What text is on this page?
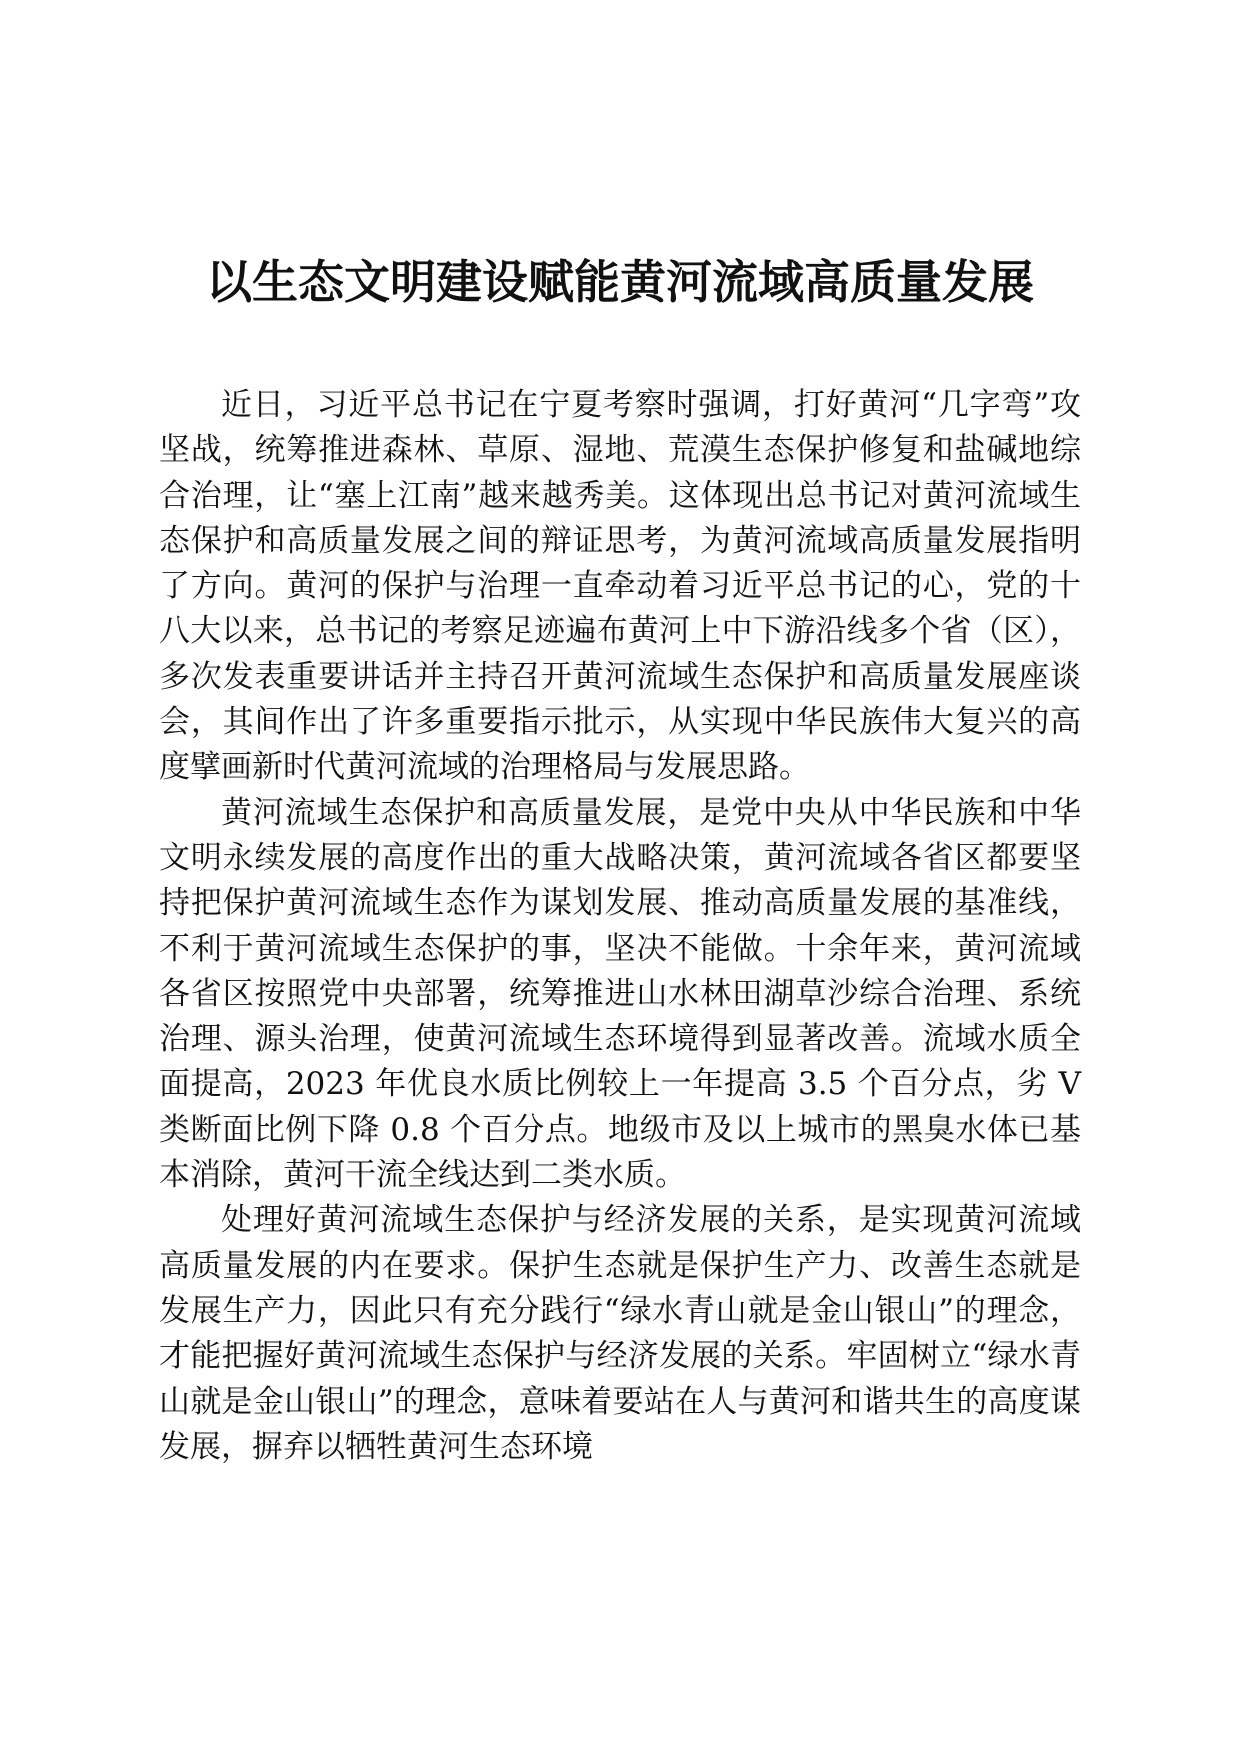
以生态文明建设赋能黄河流域高质量发展

近日，习近平总书记在宁夏考察时强调，打好黄河“几字弯”攻坚战，统筹推进森林、草原、湿地、荒漠生态保护修复和盐碱地综合治理，让“塞上江南”越来越秀美。这体现出总书记对黄河流域生态保护和高质量发展之间的辩证思考，为黄河流域高质量发展指明了方向。黄河的保护与治理一直牵动着习近平总书记的心，党的十八大以来，总书记的考察足迹遍布黄河上中下游沿线多个省（区），多次发表重要讲话并主持召开黄河流域生态保护和高质量发展座谈会，其间作出了许多重要指示批示，从实现中华民族伟大复兴的高度擘画新时代黄河流域的治理格局与发展思路。

黄河流域生态保护和高质量发展，是党中央从中华民族和中华文明永续发展的高度作出的重大战略决策，黄河流域各省区都要坚持把保护黄河流域生态作为谋划发展、推动高质量发展的基准线，不利于黄河流域生态保护的事，坚决不能做。十余年来，黄河流域各省区按照党中央部署，统筹推进山水林田湖草沙综合治理、系统治理、源头治理，使黄河流域生态环境得到显著改善。流域水质全面提高，2023 年优良水质比例较上一年提高 3.5 个百分点，劣 V 类断面比例下降 0.8 个百分点。地级市及以上城市的黑臭水体已基本消除，黄河干流全线达到二类水质。

处理好黄河流域生态保护与经济发展的关系，是实现黄河流域高质量发展的内在要求。保护生态就是保护生产力、改善生态就是发展生产力，因此只有充分践行“绿水青山就是金山银山”的理念，才能把握好黄河流域生态保护与经济发展的关系。牢固树立“绿水青山就是金山银山”的理念，意味着要站在人与黄河和谐共生的高度谋发展，摒弃以牺牲黄河生态环境
